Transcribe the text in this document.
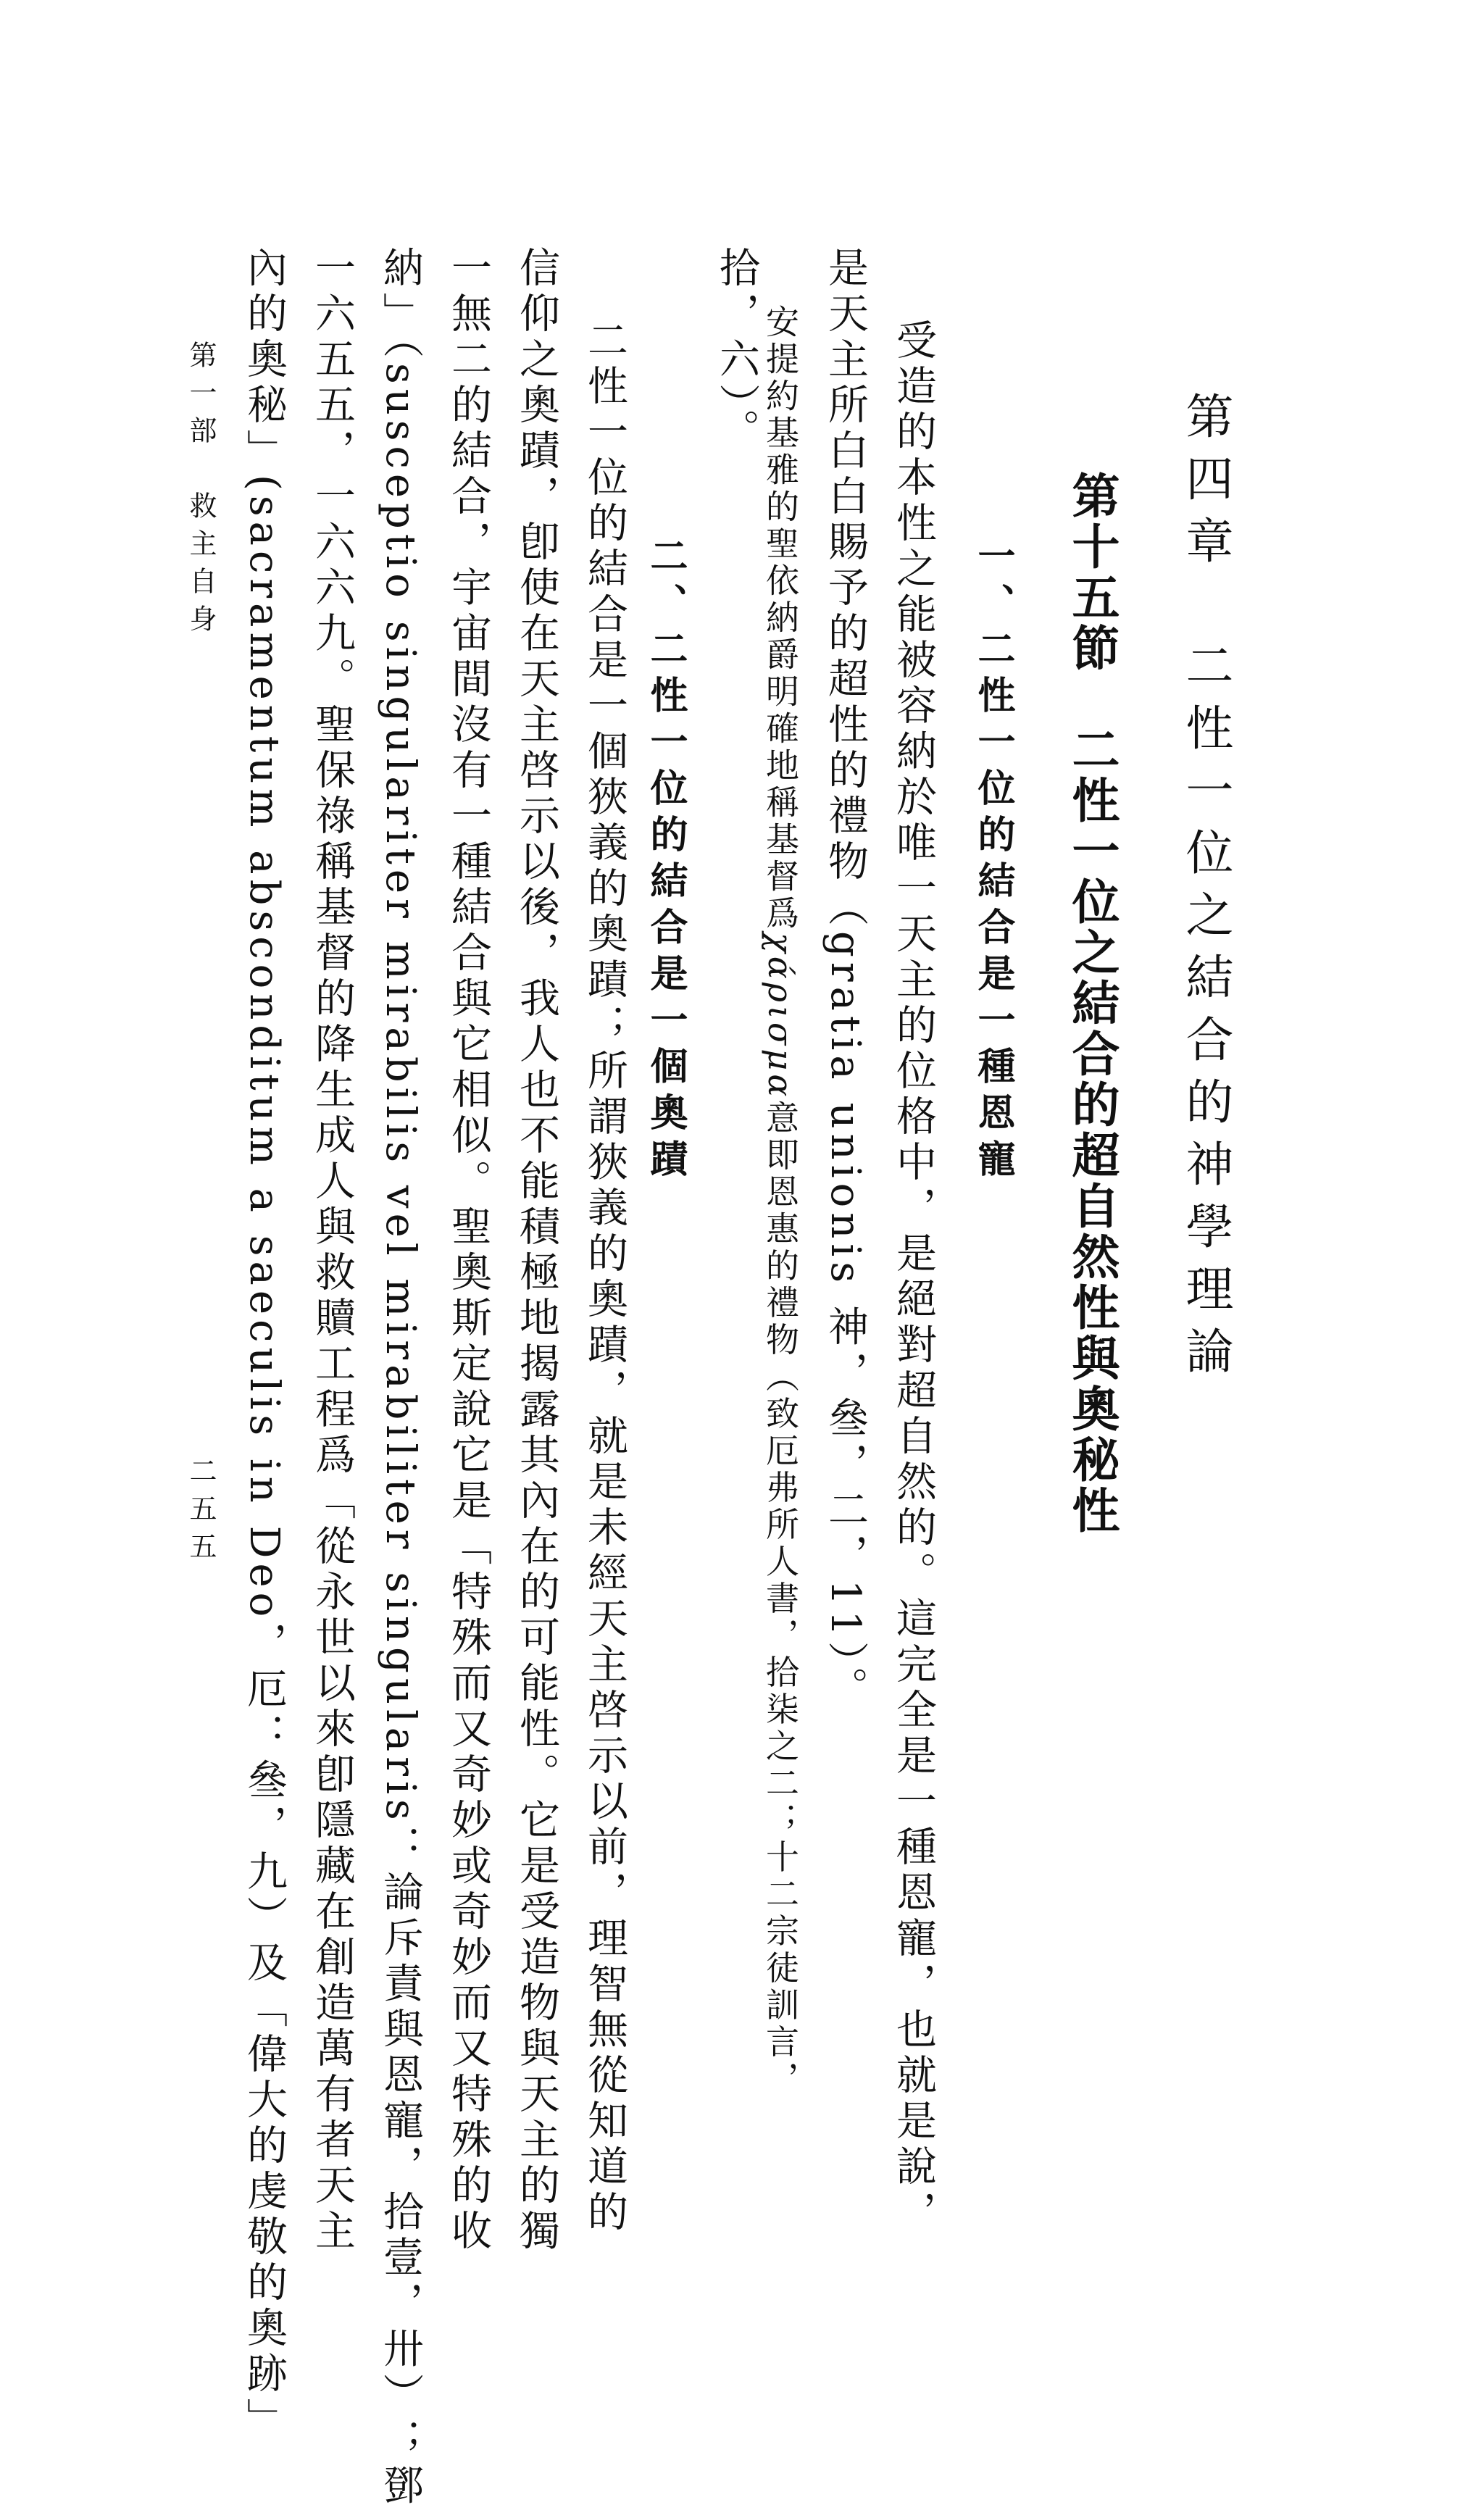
第四章　二性一位之結合的神學理論
第十五節　二性一位之結合的超自然性與奧秘性
一、二性一位的結合是一種恩寵
受造的本性之能被容納於唯一天主的位格中，是絕對超自然的。這完全是一種恩寵，也就是說，
是天主所白白賜予的超性的禮物（gratia unionis 神，叄，二，11）。
安提約基雅的聖依納爵明確地稱基督爲χάρισμα意即恩惠的禮物（致厄弗所人書，拾柒之二；十二宗徒訓言，
拾，六）。
二、二性一位的結合是一個奧蹟
二性一位的結合是一個狹義的奧蹟；所謂狹義的奧蹟，就是未經天主啓示以前，理智無從知道的
信仰之奧蹟，卽使在天主啓示以後，我人也不能積極地揭露其內在的可能性。它是受造物與天主的獨
一無二的結合，宇宙間沒有一種結合與它相似。聖奧斯定說它是「特殊而又奇妙或奇妙而又特殊的收
納」（susceptio singulariter mirabilis vel mirabiliter singularis：論斥責與恩寵，拾壹，卅）；鄧
一六五五，一六六九。聖保祿稱基督的降生成人與救贖工程爲「從永世以來卽隱藏在創造萬有者天主
內的奧秘」(sacramentum absconditum a saeculis in Deo，厄：叄，九）及「偉大的虔敬的奧跡」
第一部　救主自身
二五五
